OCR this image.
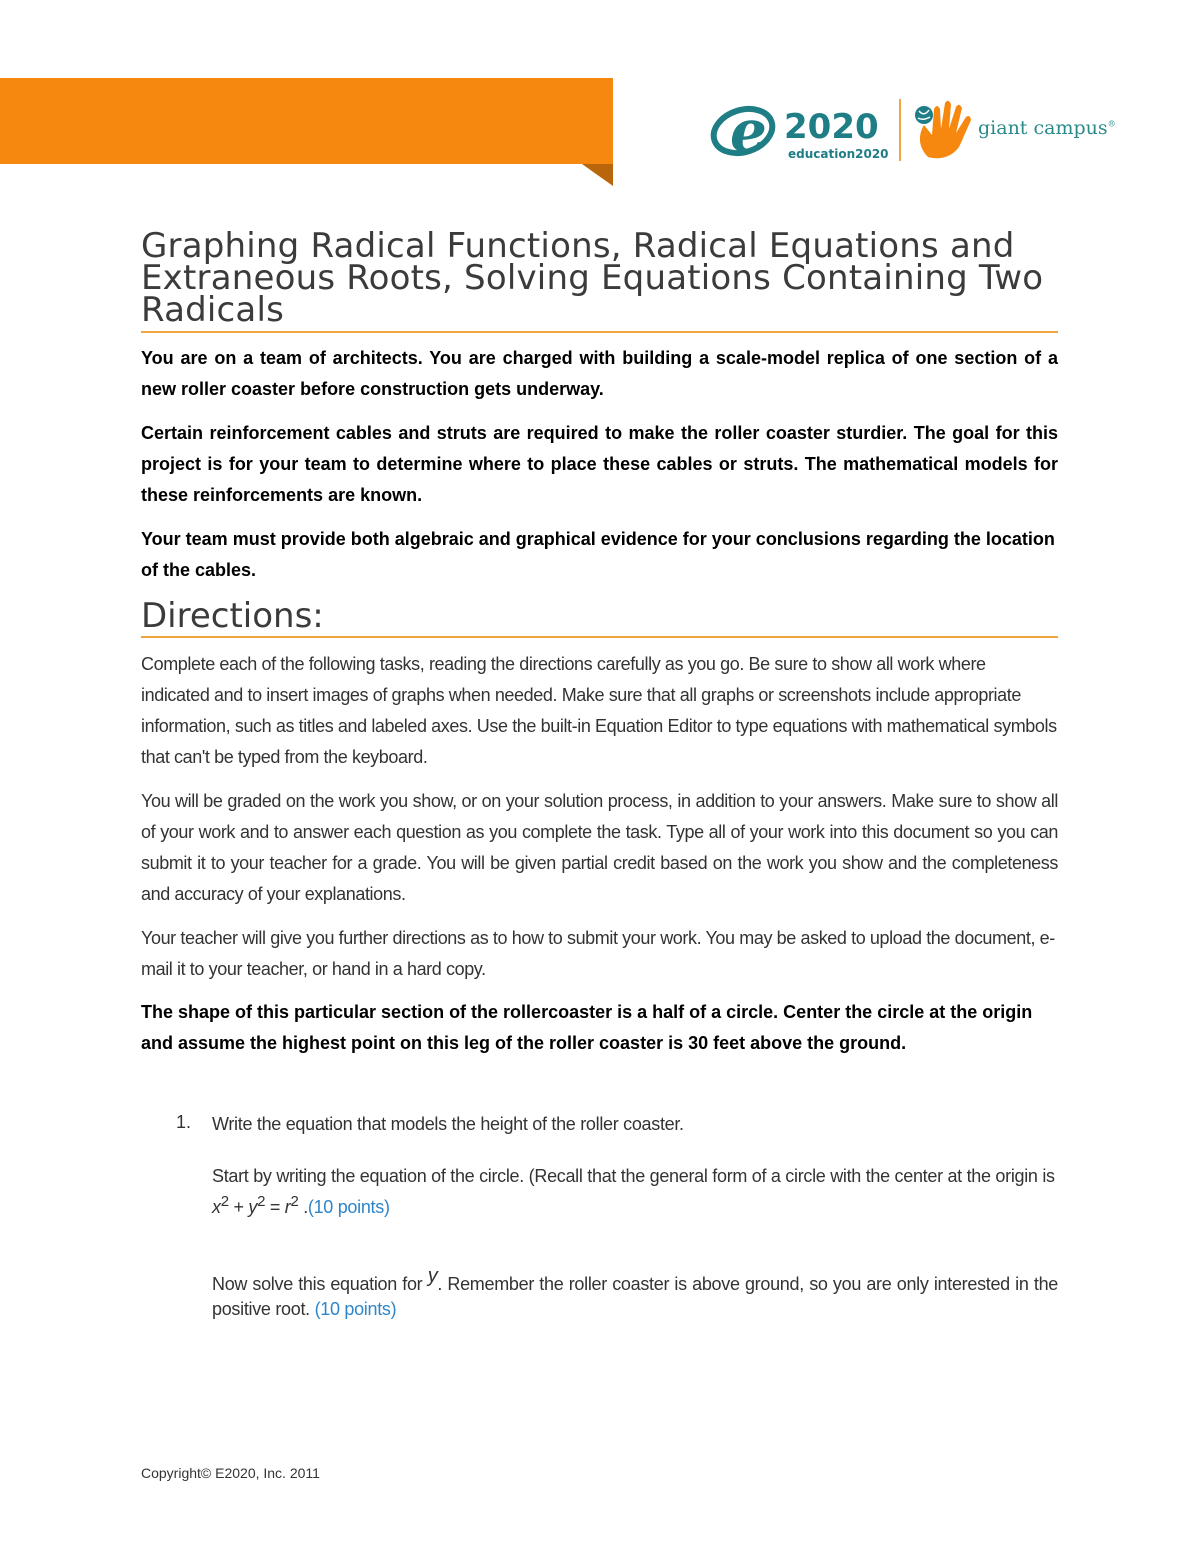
e 2020
education2020
giant campus®
Graphing Radical Functions, Radical Equations and Extraneous Roots, Solving Equations Containing Two Radicals

You are on a team of architects. You are charged with building a scale-model replica of one section of a new roller coaster before construction gets underway.

Certain reinforcement cables and struts are required to make the roller coaster sturdier. The goal for this project is for your team to determine where to place these cables or struts. The mathematical models for these reinforcements are known.

Your team must provide both algebraic and graphical evidence for your conclusions regarding the location of the cables.

Directions:

Complete each of the following tasks, reading the directions carefully as you go. Be sure to show all work where indicated and to insert images of graphs when needed. Make sure that all graphs or screenshots include appropriate information, such as titles and labeled axes. Use the built-in Equation Editor to type equations with mathematical symbols that can't be typed from the keyboard.

You will be graded on the work you show, or on your solution process, in addition to your answers. Make sure to show all of your work and to answer each question as you complete the task. Type all of your work into this document so you can submit it to your teacher for a grade. You will be given partial credit based on the work you show and the completeness and accuracy of your explanations.

Your teacher will give you further directions as to how to submit your work. You may be asked to upload the document, e-mail it to your teacher, or hand in a hard copy.

The shape of this particular section of the rollercoaster is a half of a circle. Center the circle at the origin and assume the highest point on this leg of the roller coaster is 30 feet above the ground.

1. Write the equation that models the height of the roller coaster.

Start by writing the equation of the circle. (Recall that the general form of a circle with the center at the origin is $x^2 + y^2 = r^2$ .(10 points)

Now solve this equation for y. Remember the roller coaster is above ground, so you are only interested in the positive root. (10 points)

Copyright© E2020, Inc. 2011
